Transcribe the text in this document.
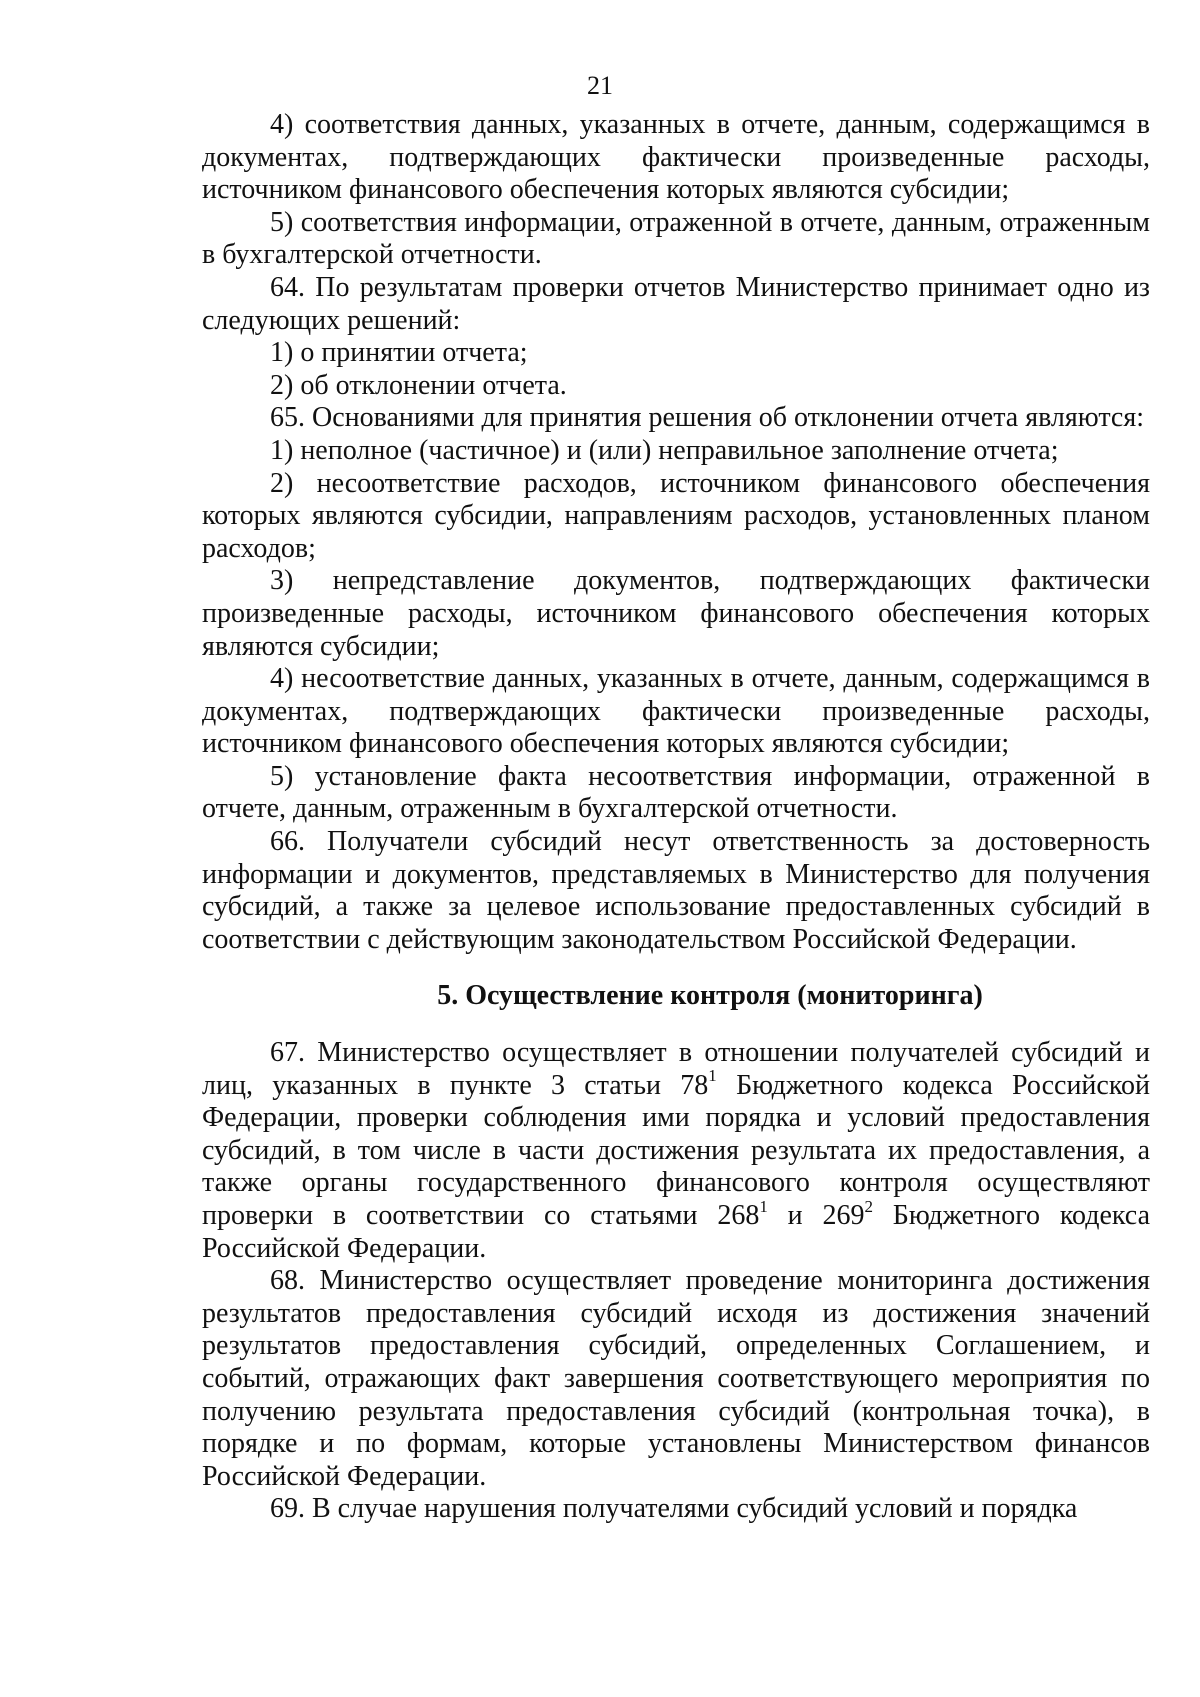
21

4) соответствия данных, указанных в отчете, данным, содержащимся в документах, подтверждающих фактически произведенные расходы, источником финансового обеспечения которых являются субсидии;

5) соответствия информации, отраженной в отчете, данным, отраженным в бухгалтерской отчетности.

64. По результатам проверки отчетов Министерство принимает одно из следующих решений:

1) о принятии отчета;

2) об отклонении отчета.

65. Основаниями для принятия решения об отклонении отчета являются:

1) неполное (частичное) и (или) неправильное заполнение отчета;

2) несоответствие расходов, источником финансового обеспечения которых являются субсидии, направлениям расходов, установленных планом расходов;

3) непредставление документов, подтверждающих фактически произведенные расходы, источником финансового обеспечения которых являются субсидии;

4) несоответствие данных, указанных в отчете, данным, содержащимся в документах, подтверждающих фактически произведенные расходы, источником финансового обеспечения которых являются субсидии;

5) установление факта несоответствия информации, отраженной в отчете, данным, отраженным в бухгалтерской отчетности.

66. Получатели субсидий несут ответственность за достоверность информации и документов, представляемых в Министерство для получения субсидий, а также за целевое использование предоставленных субсидий в соответствии с действующим законодательством Российской Федерации.

5. Осуществление контроля (мониторинга)

67. Министерство осуществляет в отношении получателей субсидий и лиц, указанных в пункте 3 статьи $78^1$ Бюджетного кодекса Российской Федерации, проверки соблюдения ими порядка и условий предоставления субсидий, в том числе в части достижения результата их предоставления, а также органы государственного финансового контроля осуществляют проверки в соответствии со статьями $268^1$ и $269^2$ Бюджетного кодекса Российской Федерации.

68. Министерство осуществляет проведение мониторинга достижения результатов предоставления субсидий исходя из достижения значений результатов предоставления субсидий, определенных Соглашением, и событий, отражающих факт завершения соответствующего мероприятия по получению результата предоставления субсидий (контрольная точка), в порядке и по формам, которые установлены Министерством финансов Российской Федерации.

69. В случае нарушения получателями субсидий условий и порядка
